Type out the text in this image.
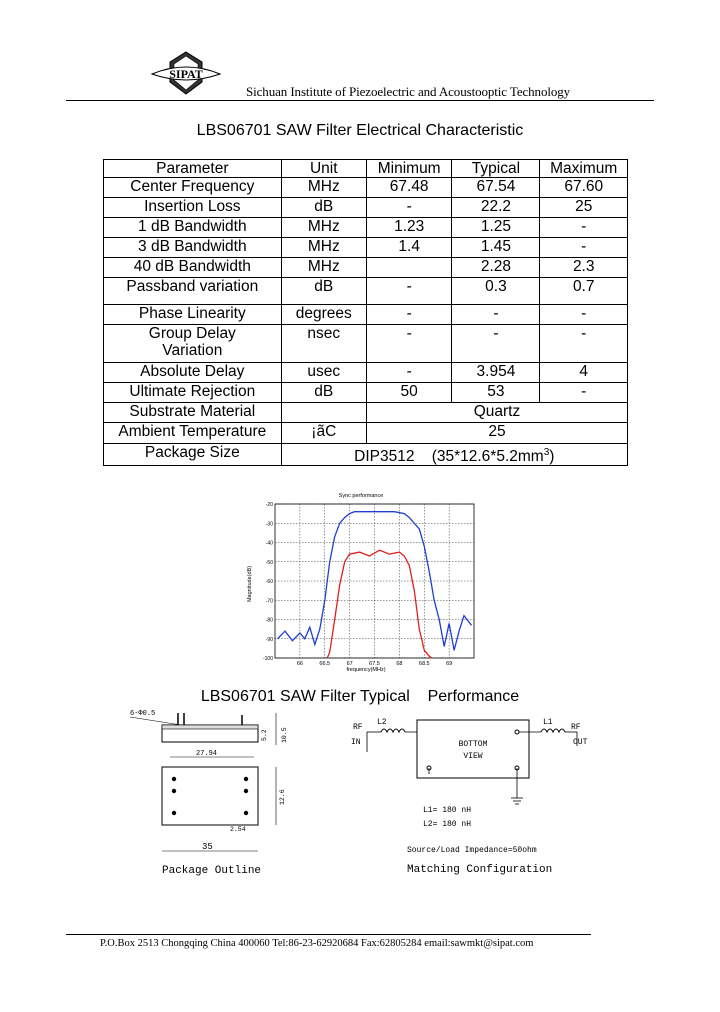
SIPAT
Sichuan Institute of Piezoelectric and Acoustooptic Technology
LBS06701 SAW Filter Electrical Characteristic
Parameter	Unit	Minimum	Typical	Maximum
Center Frequency	MHz	67.48	67.54	67.60
Insertion Loss	dB	-	22.2	25
1 dB Bandwidth	MHz	1.23	1.25	-
3 dB Bandwidth	MHz	1.4	1.45	-
40 dB Bandwidth	MHz		2.28	2.3
Passband variation	dB	-	0.3	0.7
Phase Linearity	degrees	-	-	-
Group Delay Variation	nsec	-	-	-
Absolute Delay	usec	-	3.954	4
Ultimate Rejection	dB	50	53	-
Substrate Material		Quartz		
Ambient Temperature	¡ãC	25		
Package Size	DIP3512    $(35*12.6*5.2mm^3)$			
Sync performance
66	66.5	67	67.5	68	68.5	69
-20
-30
-40
-50
-60
-70
-80
-90
-100
frequency(MHz)
Magnitude(dB)
LBS06701 SAW Filter Typical    Performance
6-Φ0.5
5.2 10.5
27.94
12.6
2.54
35
Package Outline
RF
IN
L2
BOTTOM
VIEW
L1
RF
OUT
L1= 180 nH
L2= 180 nH
Source/Load Impedance=50ohm
Matching Configuration
P.O.Box 2513 Chongqing China 400060 Tel:86-23-62920684 Fax:62805284 email:sawmkt@sipat.com
